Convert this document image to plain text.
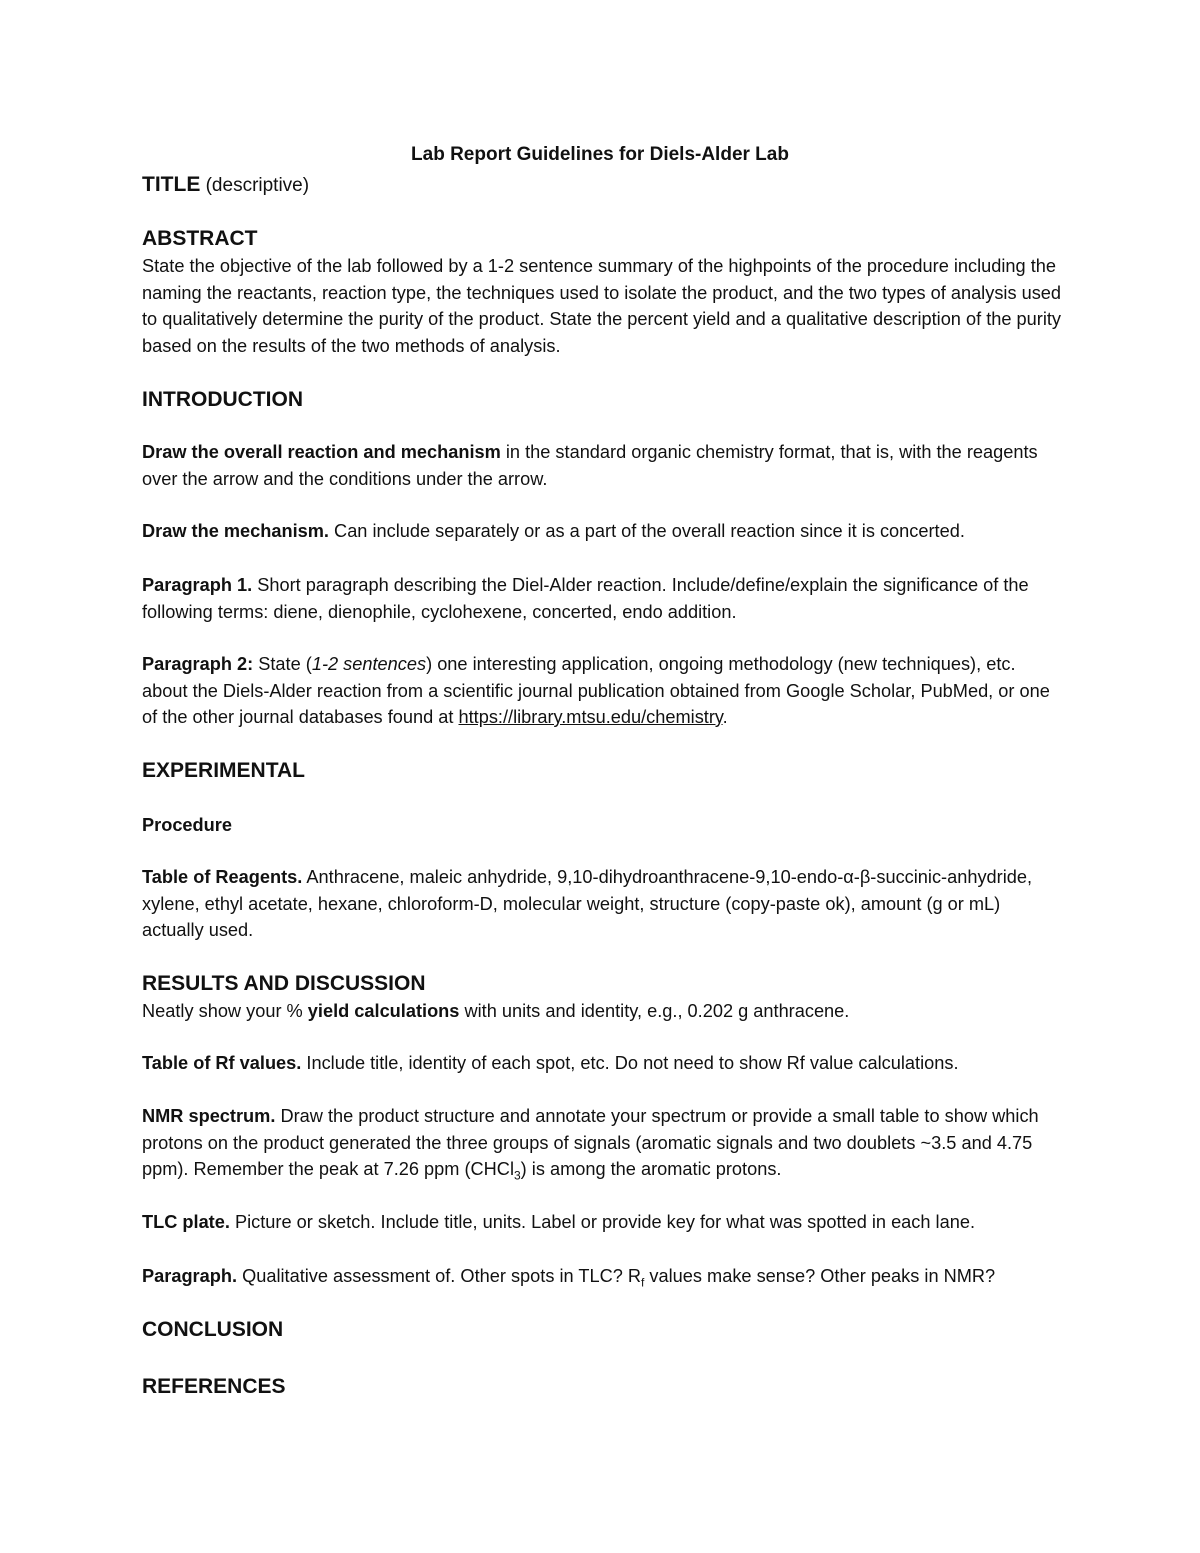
Lab Report Guidelines for Diels-Alder Lab

TITLE (descriptive)

ABSTRACT

State the objective of the lab followed by a 1-2 sentence summary of the highpoints of the procedure including the naming the reactants, reaction type, the techniques used to isolate the product, and the two types of analysis used to qualitatively determine the purity of the product. State the percent yield and a qualitative description of the purity based on the results of the two methods of analysis.

INTRODUCTION

Draw the overall reaction and mechanism in the standard organic chemistry format, that is, with the reagents over the arrow and the conditions under the arrow.

Draw the mechanism. Can include separately or as a part of the overall reaction since it is concerted.

Paragraph 1. Short paragraph describing the Diel-Alder reaction. Include/define/explain the significance of the following terms: diene, dienophile, cyclohexene, concerted, endo addition.

Paragraph 2: State (1-2 sentences) one interesting application, ongoing methodology (new techniques), etc. about the Diels-Alder reaction from a scientific journal publication obtained from Google Scholar, PubMed, or one of the other journal databases found at https://library.mtsu.edu/chemistry.

EXPERIMENTAL
Procedure

Table of Reagents. Anthracene, maleic anhydride, 9,10-dihydroanthracene-9,10-endo-α-β-succinic-anhydride, xylene, ethyl acetate, hexane, chloroform-D, molecular weight, structure (copy-paste ok), amount (g or mL) actually used.

RESULTS AND DISCUSSION

Neatly show your % yield calculations with units and identity, e.g., 0.202 g anthracene.

Table of Rf values. Include title, identity of each spot, etc. Do not need to show Rf value calculations.

NMR spectrum. Draw the product structure and annotate your spectrum or provide a small table to show which protons on the product generated the three groups of signals (aromatic signals and two doublets ~3.5 and 4.75 ppm). Remember the peak at 7.26 ppm (CHCl$_3$) is among the aromatic protons.

TLC plate. Picture or sketch. Include title, units. Label or provide key for what was spotted in each lane.

Paragraph. Qualitative assessment of. Other spots in TLC? $R_f$ values make sense? Other peaks in NMR?

CONCLUSION
REFERENCES
